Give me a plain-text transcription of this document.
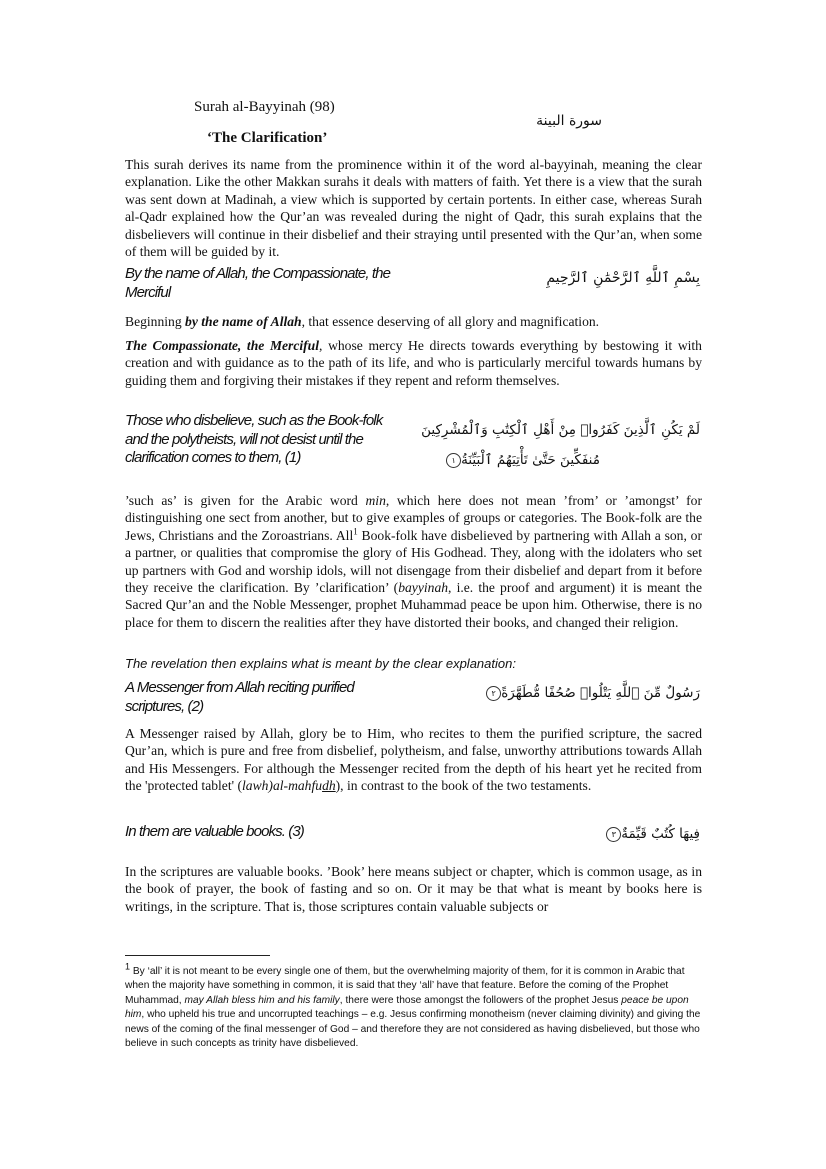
Surah al-Bayyinah (98)
‘The Clarification’
سورة البينة

This surah derives its name from the prominence within it of the word al-bayyinah, meaning the clear explanation. Like the other Makkan surahs it deals with matters of faith. Yet there is a view that the surah was sent down at Madinah, a view which is supported by certain portents. In either case, whereas Surah al-Qadr explained how the Qur’an was revealed during the night of Qadr, this surah explains that the disbelievers will continue in their disbelief and their straying until presented with the Qur’an, when some of them will be guided by it.

By the name of Allah, the Compassionate, the Merciful

بِسْمِ ٱللَّهِ ٱلرَّحْمَٰنِ ٱلرَّحِيمِ

Beginning by the name of Allah, that essence deserving of all glory and magnification.

The Compassionate, the Merciful, whose mercy He directs towards everything by bestowing it with creation and with guidance as to the path of its life, and who is particularly merciful towards humans by guiding them and forgiving their mistakes if they repent and reform themselves.

Those who disbelieve, such as the Book-folk and the polytheists, will not desist until the clarification comes to them, (1)

لَمْ يَكُنِ ٱلَّذِينَ كَفَرُوا۟ مِنْ أَهْلِ ٱلْكِتَٰبِ وَٱلْمُشْرِكِينَ
مُنفَكِّينَ حَتَّىٰ تَأْتِيَهُمُ ٱلْبَيِّنَةُ١

’such as’ is given for the Arabic word min, which here does not mean ’from’ or ’amongst’ for distinguishing one sect from another, but to give examples of groups or categories. The Book-folk are the Jews, Christians and the Zoroastrians. All$^1$ Book-folk have disbelieved by partnering with Allah a son, or a partner, or qualities that compromise the glory of His Godhead. They, along with the idolaters who set up partners with God and worship idols, will not disengage from their disbelief and depart from it before they receive the clarification. By ’clarification’ (bayyinah, i.e. the proof and argument) it is meant the Sacred Qur’an and the Noble Messenger, prophet Muhammad peace be upon him. Otherwise, there is no place for them to discern the realities after they have distorted their books, and changed their religion.

The revelation then explains what is meant by the clear explanation:

A Messenger from Allah reciting purified scriptures, (2)

رَسُولٌ مِّنَ ٱللَّهِ يَتْلُوا۟ صُحُفًا مُّطَهَّرَةً٢

A Messenger raised by Allah, glory be to Him, who recites to them the purified scripture, the sacred Qur’an, which is pure and free from disbelief, polytheism, and false, unworthy attributions towards Allah and His Messengers. For although the Messenger recited from the depth of his heart yet he recited from the 'protected tablet' (lawh)al-mahfudh), in contrast to the book of the two testaments.

In them are valuable books. (3)	فِيهَا كُتُبٌ قَيِّمَةٌ٣

In the scriptures are valuable books. ’Book’ here means subject or chapter, which is common usage, as in the book of prayer, the book of fasting and so on. Or it may be that what is meant by books here is writings, in the scripture. That is, those scriptures contain valuable subjects or

1 By ‘all’ it is not meant to be every single one of them, but the overwhelming majority of them, for it is common in Arabic that when the majority have something in common, it is said that they ‘all’ have that feature. Before the coming of the Prophet Muhammad, may Allah bless him and his family, there were those amongst the followers of the prophet Jesus peace be upon him, who upheld his true and uncorrupted teachings – e.g. Jesus confirming monotheism (never claiming divinity) and giving the news of the coming of the final messenger of God – and therefore they are not considered as having disbelieved, but those who believe in such concepts as trinity have disbelieved.
